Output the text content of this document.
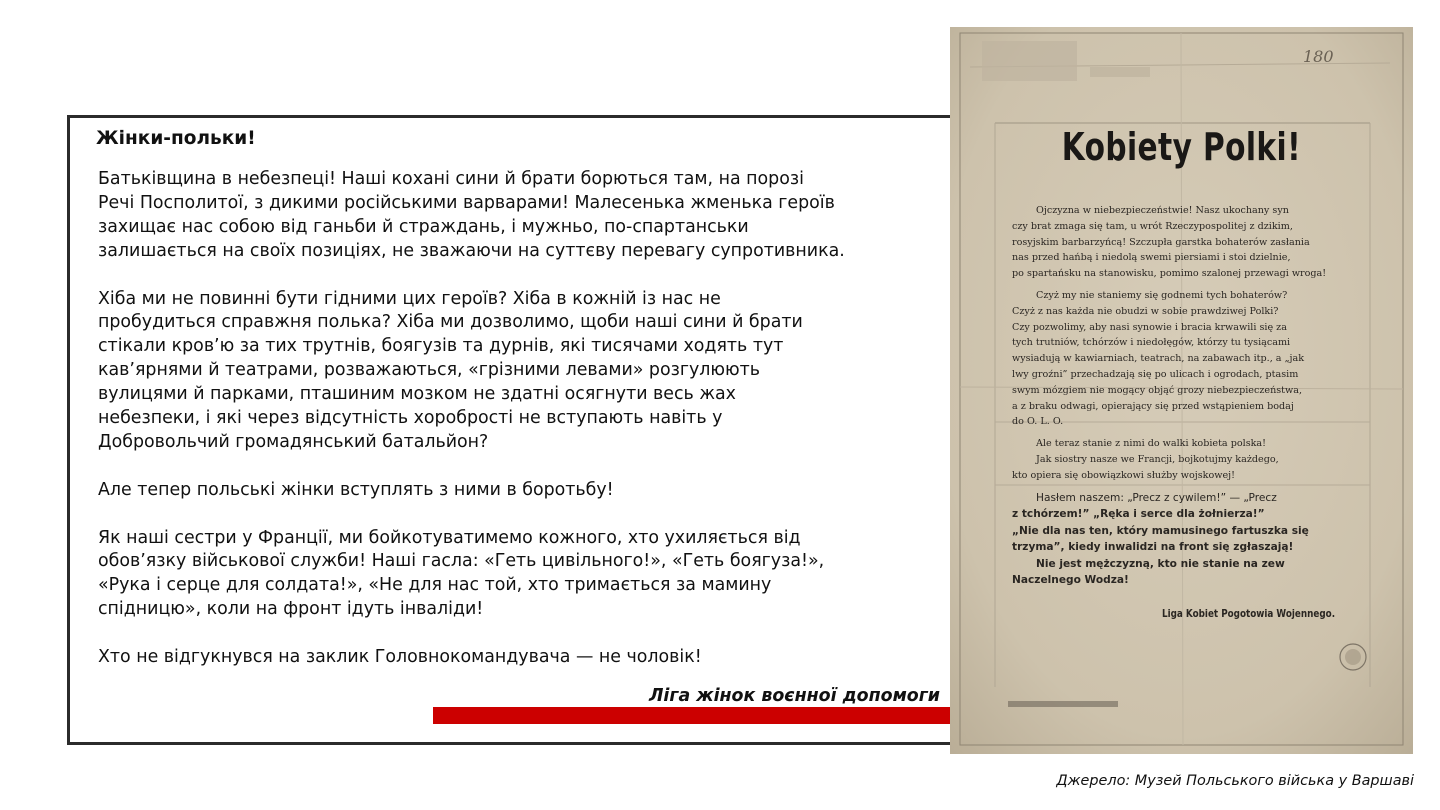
Жінки-польки!

Батьківщина в небезпеці! Наші кохані сини й брати борються там, на порозі
Речі Посполитої, з дикими російськими варварами! Малесенька жменька героїв
захищає нас собою від ганьби й страждань, і мужньо, по-спартанськи
залишається на своїх позиціях, не зважаючи на суттєву перевагу супротивника.

Хіба ми не повинні бути гідними цих героїв? Хіба в кожній із нас не
пробудиться справжня полька? Хіба ми дозволимо, щоби наші сини й брати
стікали кров’ю за тих трутнів, боягузів та дурнів, які тисячами ходять тут
кав’ярнями й театрами, розважаються, «грізними левами» розгулюють
вулицями й парками, пташиним мозком не здатні осягнути весь жах
небезпеки, і які через відсутність хоробрості не вступають навіть у
Добровольчий громадянський батальйон?

Але тепер польські жінки вступлять з ними в боротьбу!

Як наші сестри у Франції, ми бойкотуватимемо кожного, хто ухиляється від
обов’язку військової служби! Наші гасла: «Геть цивільного!», «Геть боягуза!»,
«Рука і серце для солдата!», «Не для нас той, хто тримається за мамину
спідницю», коли на фронт ідуть інваліди!

Хто не відгукнувся на заклик Головнокомандувача — не чоловік!

Ліга жінок воєнної допомоги
180
Kobiety Polki!
Ojczyzna w niebezpieczeństwie! Nasz ukochany syn
czy brat zmaga się tam, u wrót Rzeczypospolitej z dzikim,
rosyjskim barbarzyńcą! Szczupła garstka bohaterów zasłania
nas przed hańbą i niedolą swemi piersiami i stoi dzielnie,
po spartańsku na stanowisku, pomimo szalonej przewagi wroga!
Czyż my nie staniemy się godnemi tych bohaterów?
Czyż z nas każda nie obudzi w sobie prawdziwej Polki?
Czy pozwolimy, aby nasi synowie i bracia krwawili się za
tych trutniów, tchórzów i niedołęgów, którzy tu tysiącami
wysiadują w kawiarniach, teatrach, na zabawach itp., a „jak
lwy groźni” przechadzają się po ulicach i ogrodach, ptasim
swym mózgiem nie mogący objąć grozy niebezpieczeństwa,
a z braku odwagi, opierający się przed wstąpieniem bodaj
do O. L. O.
Ale teraz stanie z nimi do walki kobieta polska!
Jak siostry nasze we Francji, bojkotujmy każdego,
kto opiera się obowiązkowi służby wojskowej!
Hasłem naszem: „Precz z cywilem!” — „Precz
z tchórzem!” „Ręka i serce dla żołnierza!”
„Nie dla nas ten, który mamusinego fartuszka się
trzyma”, kiedy inwalidzi na front się zgłaszają!
Nie jest mężczyzną, kto nie stanie na zew
Naczelnego Wodza!
Liga Kobiet Pogotowia Wojennego.
Джерело: Музей Польського війська у Варшаві
